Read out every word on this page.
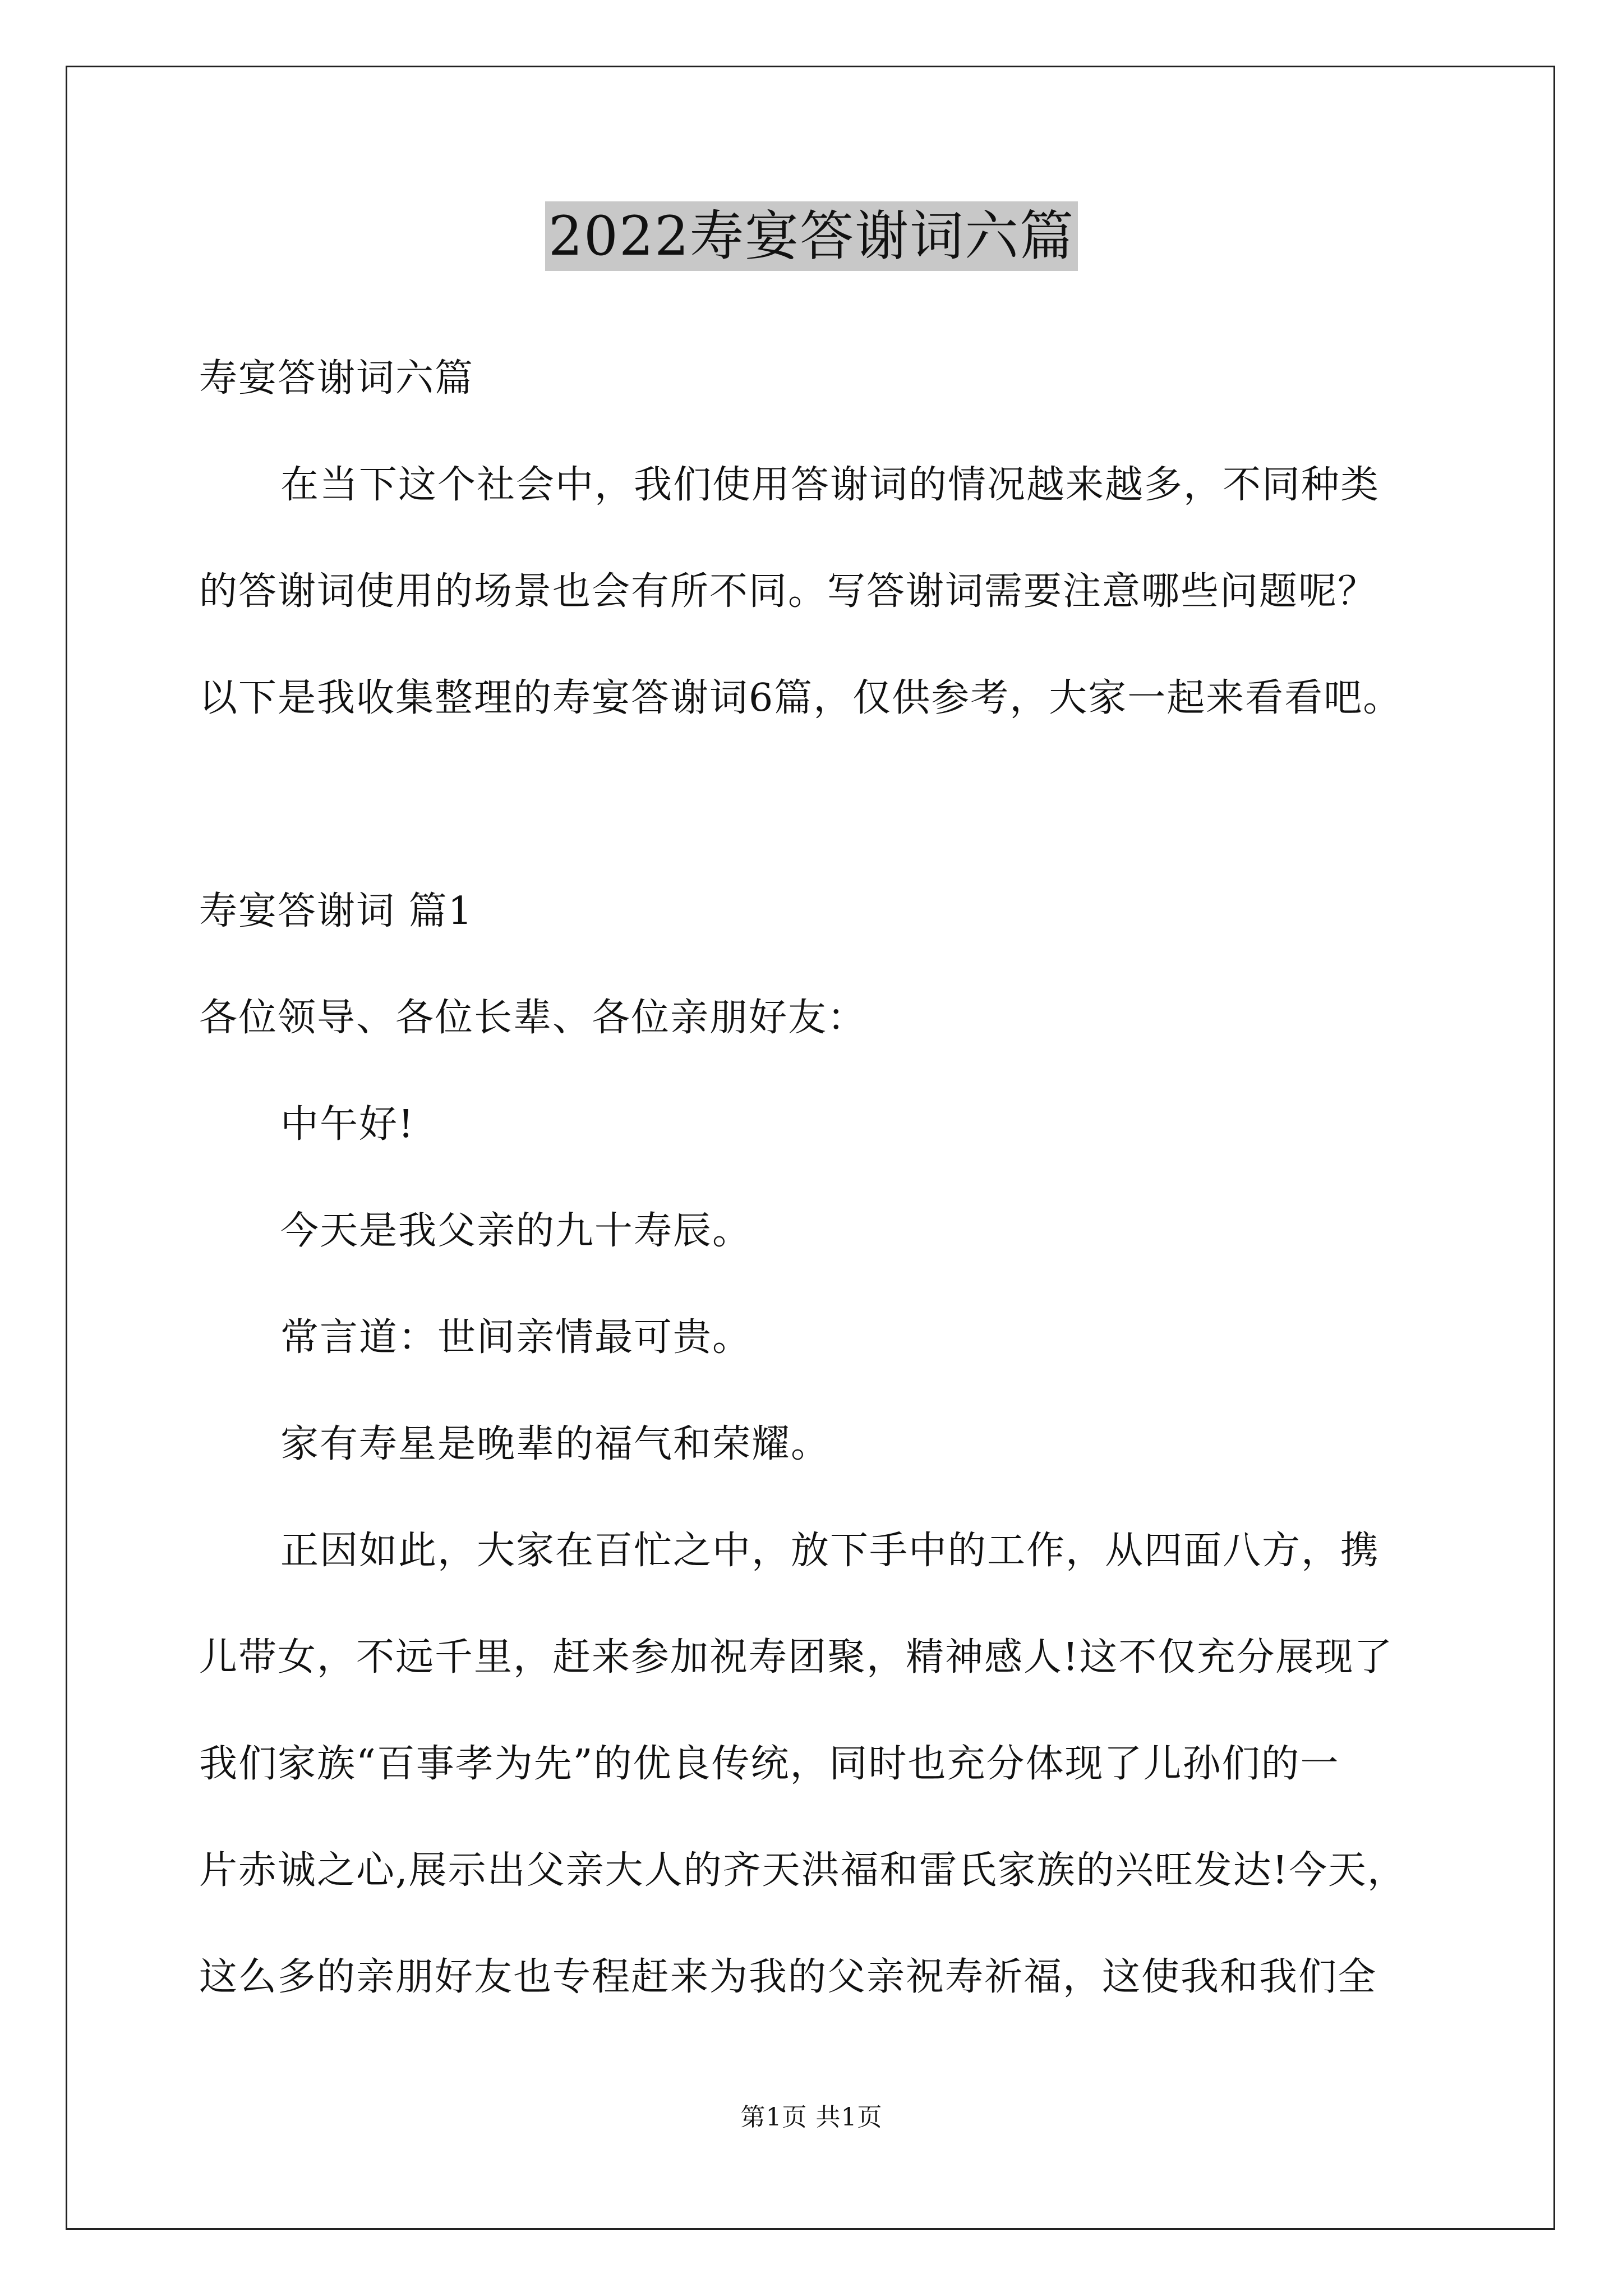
2022寿宴答谢词六篇
寿宴答谢词六篇
在当下这个社会中，我们使用答谢词的情况越来越多，不同种类
的答谢词使用的场景也会有所不同。写答谢词需要注意哪些问题呢？
以下是我收集整理的寿宴答谢词6篇，仅供参考，大家一起来看看吧。
寿宴答谢词 篇1
各位领导、各位长辈、各位亲朋好友：
中午好!
今天是我父亲的九十寿辰。
常言道：世间亲情最可贵。
家有寿星是晚辈的福气和荣耀。
正因如此，大家在百忙之中，放下手中的工作，从四面八方，携
儿带女，不远千里，赶来参加祝寿团聚，精神感人!这不仅充分展现了
我们家族“百事孝为先”的优良传统，同时也充分体现了儿孙们的一
片赤诚之心,展示出父亲大人的齐天洪福和雷氏家族的兴旺发达!今天，
这么多的亲朋好友也专程赶来为我的父亲祝寿祈福，这使我和我们全
第1页 共1页
